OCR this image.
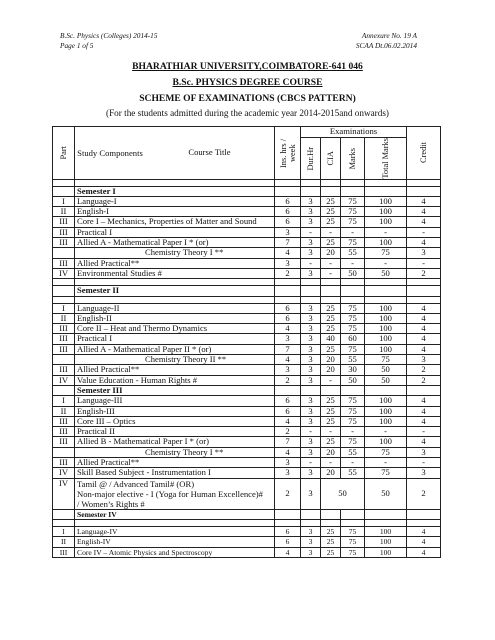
B.Sc. Physics (Colleges) 2014-15
Page 1 of 5
Annexure No. 19 A
SCAA Dt.06.02.2014
BHARATHIAR UNIVERSITY,COIMBATORE-641 046
B.Sc. PHYSICS DEGREE COURSE
SCHEME OF EXAMINATIONS (CBCS PATTERN)
(For the students admitted during the academic year 2014-2015and onwards)
Part	Study Components Course Title	Ins. hrs / week	Examinations				Credit

			Dur.Hr	CIA	Marks	Total Marks	

	Semester I						
I	Language-I	6	3	25	75	100	4
II	English-I	6	3	25	75	100	4
III	Core I – Mechanics, Properties of Matter and Sound	6	3	25	75	100	4
III	Practical I	3	-	-	-	-	-
III	Allied A - Mathematical Paper I * (or)	7	3	25	75	100	4
	Chemistry Theory I **	4	3	20	55	75	3
III	Allied Practical**	3	-	-	-	-	-
IV	Environmental Studies #	2	3	-	50	50	2

	Semester II						

I	Language-II	6	3	25	75	100	4
II	English-II	6	3	25	75	100	4
III	Core II – Heat and Thermo Dynamics	4	3	25	75	100	4
III	Practical I	3	3	40	60	100	4
III	Allied A - Mathematical Paper II * (or)	7	3	25	75	100	4
	Chemistry Theory II **	4	3	20	55	75	3
III	Allied Practical**	3	3	20	30	50	2
IV	Value Education - Human Rights #	2	3	-	50	50	2
	Semester III						
I	Language-III	6	3	25	75	100	4
II	English-III	6	3	25	75	100	4
III	Core III – Optics	4	3	25	75	100	4
III	Practical II	2	-	-	-	-	-
III	Allied B - Mathematical Paper I * (or)	7	3	25	75	100	4
	Chemistry Theory I **	4	3	20	55	75	3
III	Allied Practical**	3	-	-	-	-	-
IV	Skill Based Subject - Instrumentation I	3	3	20	55	75	3
IV	Tamil @ / Advanced Tamil# (OR)
Non-major elective - I (Yoga for Human Excellence)#
/ Women’s Rights #	2	3	50		50	2
	Semester IV						

I	Language-IV	6	3	25	75	100	4
II	English-IV	6	3	25	75	100	4
III	Core IV – Atomic Physics and Spectroscopy	4	3	25	75	100	4
